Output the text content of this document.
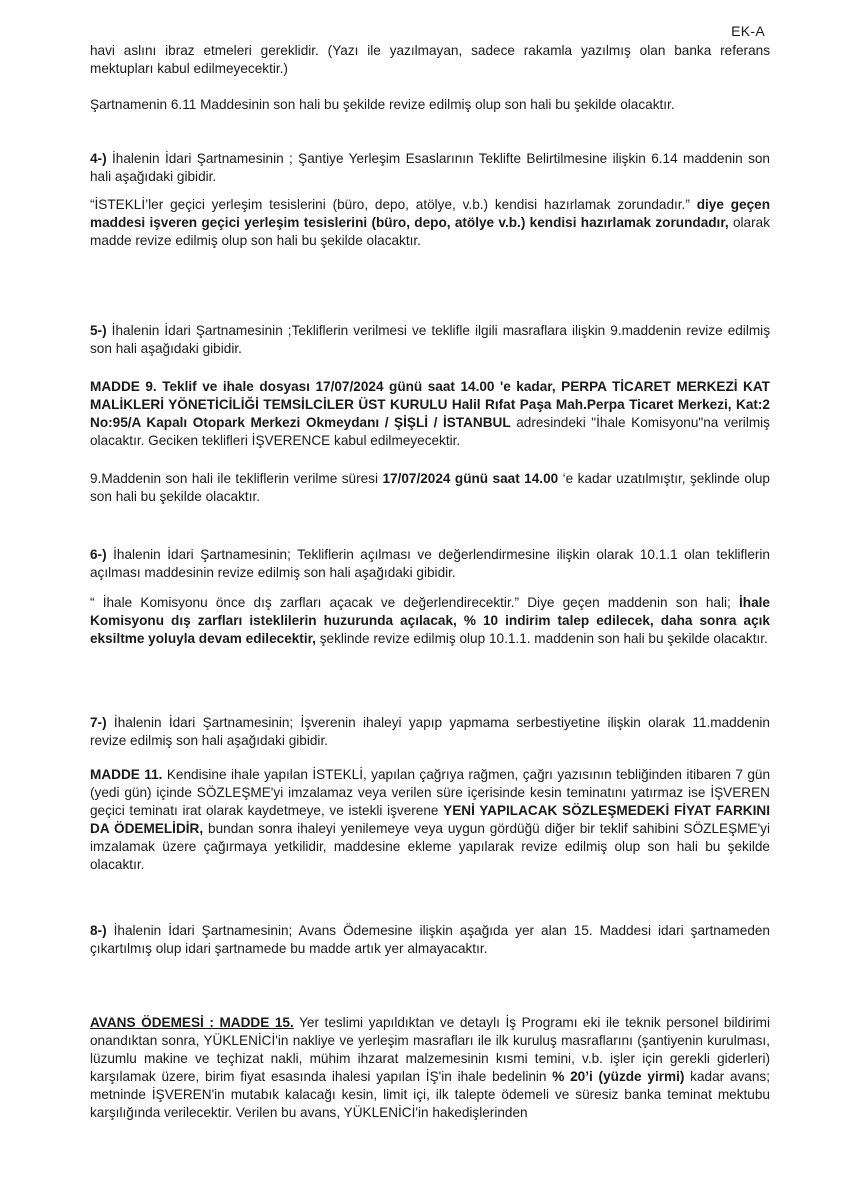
EK-A

havi aslını ibraz etmeleri gereklidir. (Yazı ile yazılmayan, sadece rakamla yazılmış olan banka referans mektupları kabul edilmeyecektir.)

Şartnamenin 6.11 Maddesinin son hali bu şekilde revize edilmiş olup son hali bu şekilde olacaktır.

4-) İhalenin İdari Şartnamesinin ; Şantiye Yerleşim Esaslarının Teklifte Belirtilmesine ilişkin 6.14 maddenin son hali aşağıdaki gibidir.

“İSTEKLİ’ler geçici yerleşim tesislerini (büro, depo, atölye, v.b.) kendisi hazırlamak zorundadır.” diye geçen maddesi işveren geçici yerleşim tesislerini (büro, depo, atölye v.b.) kendisi hazırlamak zorundadır, olarak madde revize edilmiş olup son hali bu şekilde olacaktır.

5-) İhalenin İdari Şartnamesinin ;Tekliflerin verilmesi ve teklifle ilgili masraflara ilişkin 9.maddenin revize edilmiş son hali aşağıdaki gibidir.

MADDE 9. Teklif ve ihale dosyası 17/07/2024 günü saat 14.00 'e kadar, PERPA TİCARET MERKEZİ KAT MALİKLERİ YÖNETİCİLİĞİ TEMSİLCİLER ÜST KURULU Halil Rıfat Paşa Mah.Perpa Ticaret Merkezi, Kat:2 No:95/A Kapalı Otopark Merkezi Okmeydanı / ŞİŞLİ / İSTANBUL adresindeki "İhale Komisyonu"na verilmiş olacaktır. Geciken teklifleri İŞVERENCE kabul edilmeyecektir.

9.Maddenin son hali ile tekliflerin verilme süresi 17/07/2024 günü saat 14.00 ‘e kadar uzatılmıştır, şeklinde olup son hali bu şekilde olacaktır.

6-) İhalenin İdari Şartnamesinin; Tekliflerin açılması ve değerlendirmesine ilişkin olarak 10.1.1 olan tekliflerin açılması maddesinin revize edilmiş son hali aşağıdaki gibidir.

“ İhale Komisyonu önce dış zarfları açacak ve değerlendirecektir.” Diye geçen maddenin son hali; İhale Komisyonu dış zarfları isteklilerin huzurunda açılacak, % 10 indirim talep edilecek, daha sonra açık eksiltme yoluyla devam edilecektir, şeklinde revize edilmiş olup 10.1.1. maddenin son hali bu şekilde olacaktır.

7-) İhalenin İdari Şartnamesinin; İşverenin ihaleyi yapıp yapmama serbestiyetine ilişkin olarak 11.maddenin revize edilmiş son hali aşağıdaki gibidir.

MADDE 11. Kendisine ihale yapılan İSTEKLİ, yapılan çağrıya rağmen, çağrı yazısının tebliğinden itibaren 7 gün (yedi gün) içinde SÖZLEŞME'yi imzalamaz veya verilen süre içerisinde kesin teminatını yatırmaz ise İŞVEREN geçici teminatı irat olarak kaydetmeye, ve istekli işverene YENİ YAPILACAK SÖZLEŞMEDEKİ FİYAT FARKINI DA ÖDEMELİDİR, bundan sonra ihaleyi yenilemeye veya uygun gördüğü diğer bir teklif sahibini SÖZLEŞME'yi imzalamak üzere çağırmaya yetkilidir, maddesine ekleme yapılarak revize edilmiş olup son hali bu şekilde olacaktır.

8-) İhalenin İdari Şartnamesinin; Avans Ödemesine ilişkin aşağıda yer alan 15. Maddesi idari şartnameden çıkartılmış olup idari şartnamede bu madde artık yer almayacaktır.

AVANS ÖDEMESİ : MADDE 15. Yer teslimi yapıldıktan ve detaylı İş Programı eki ile teknik personel bildirimi onandıktan sonra, YÜKLENİCİ'in nakliye ve yerleşim masrafları ile ilk kuruluş masraflarını (şantiyenin kurulması, lüzumlu makine ve teçhizat nakli, mühim ihzarat malzemesinin kısmi temini, v.b. işler için gerekli giderleri) karşılamak üzere, birim fiyat esasında ihalesi yapılan İŞ'in ihale bedelinin % 20’i (yüzde yirmi) kadar avans; metninde İŞVEREN'in mutabık kalacağı kesin, limit içi, ilk talepte ödemeli ve süresiz banka teminat mektubu karşılığında verilecektir. Verilen bu avans, YÜKLENİCİ'in hakedişlerinden
